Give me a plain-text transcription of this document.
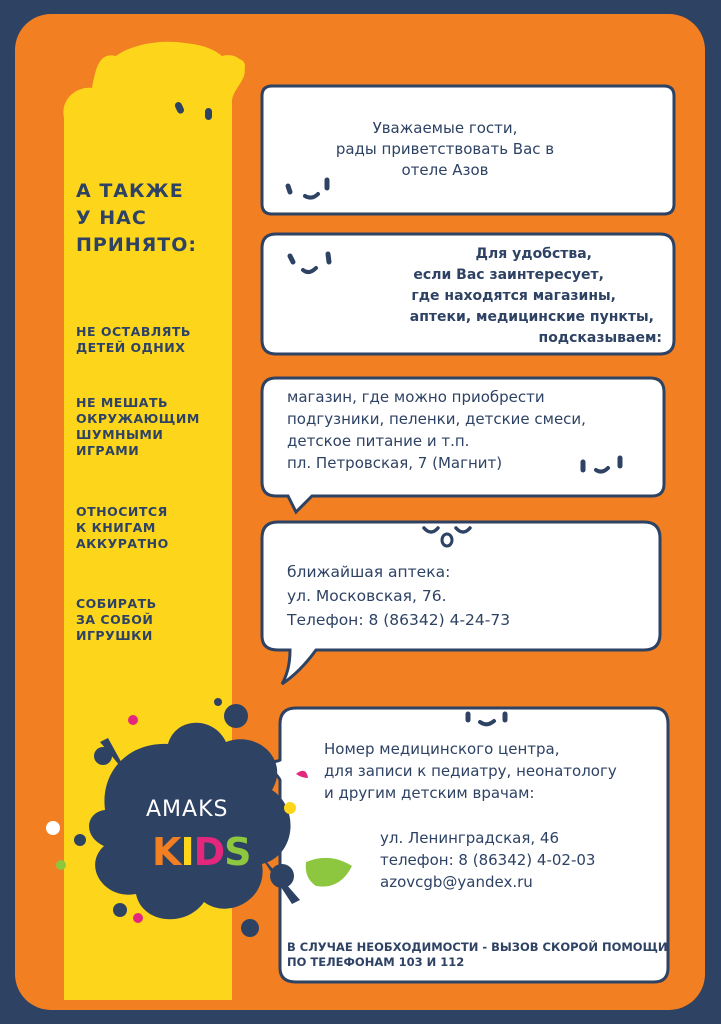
А ТАКЖЕ
У НАС
ПРИНЯТО:
НЕ ОСТАВЛЯТЬ
ДЕТЕЙ ОДНИХ
НЕ МЕШАТЬ
ОКРУЖАЮЩИМ
ШУМНЫМИ
ИГРАМИ
ОТНОСИТСЯ
К КНИГАМ
АККУРАТНО
СОБИРАТЬ
ЗА СОБОЙ
ИГРУШКИ
Уважаемые гости,
рады приветствовать Вас в
отеле Азов
Для удобства,
если Вас заинтересует,
где находятся магазины,
аптеки, медицинские пункты,
подсказываем:
магазин, где можно приобрести
подгузники, пеленки, детские смеси,
детское питание и т.п.
пл. Петровская, 7 (Магнит)
ближайшая аптека:
ул. Московская, 76.
Телефон: 8 (86342) 4-24-73
Номер медицинского центра,
для записи к педиатру, неонатологу
и другим детским врачам:
ул. Ленинградская, 46
телефон: 8 (86342) 4-02-03
azovcgb@yandex.ru
В СЛУЧАЕ НЕОБХОДИМОСТИ - ВЫЗОВ СКОРОЙ ПОМОЩИ
ПО ТЕЛЕФОНАМ 103 И 112
AMAKS
KIDS
